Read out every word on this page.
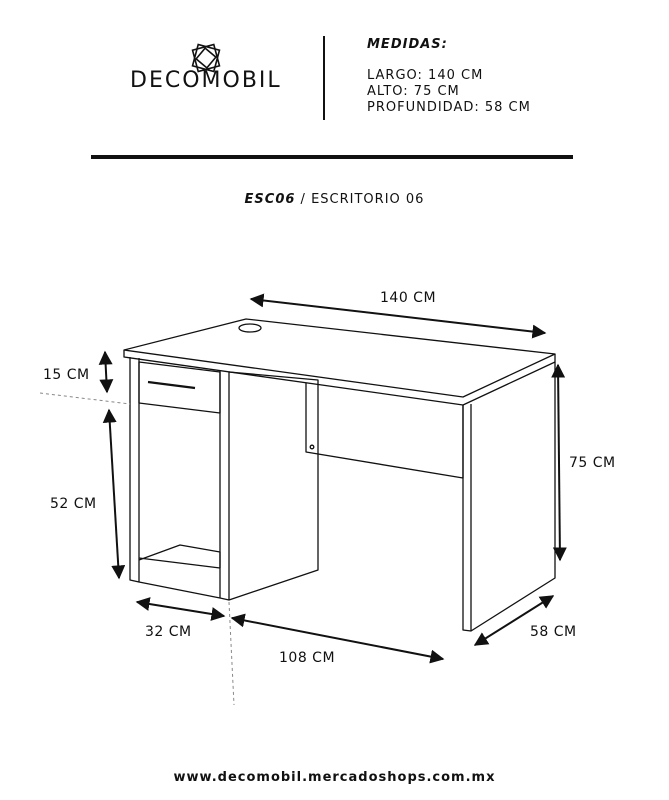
DECOMOBIL
MEDIDAS:
LARGO: 140 CM
ALTO: 75 CM
PROFUNDIDAD: 58 CM
ESC06 / ESCRITORIO 06
140 CM
15 CM
52 CM
75 CM
32 CM
108 CM
58 CM
www.decomobil.mercadoshops.com.mx
